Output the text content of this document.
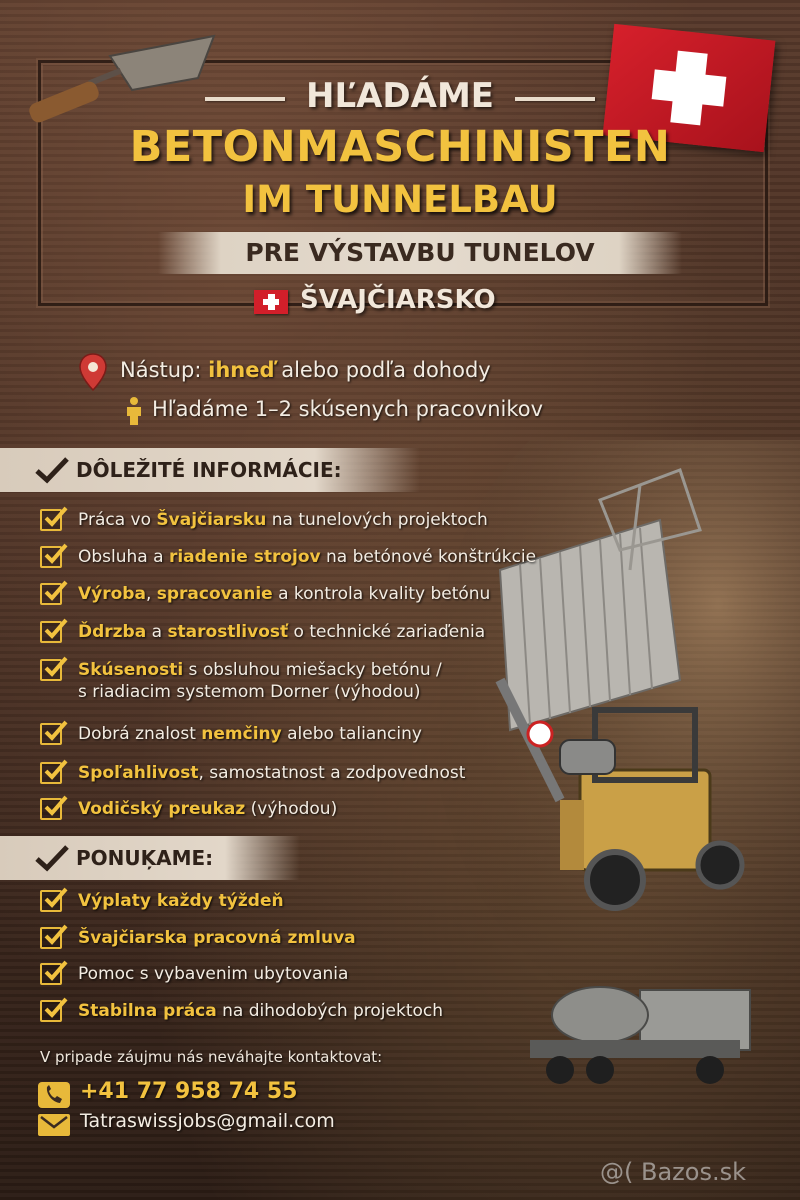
HĽADÁME
BETONMASCHINISTEN
IM TUNNELBAU
PRE VÝSTAVBU TUNELOV
ŠVAJČIARSKO
Nástup: ihneď alebo podľa dohody
Hľadáme 1–2 skúsenych pracovnikov
DÔLEŽITÉ INFORMÁCIE:
Práca vo Švajčiarsku na tunelových projektoch
Obsluha a riadenie strojov na betónové konštrúkcie
Výroba, spracovanie a kontrola kvality betónu
Ďdrzba a starostlivosť o technické zariaďenia
Skúsenosti s obsluhou miešacky betónu /
s riadiacim systemom Dorner (výhodou)
Dobrá znalost nemčiny alebo talianciny
Spoľahlivost, samostatnost a zodpovednost
Vodičský preukaz (výhodou)
PONUĶAME:
Výplaty každy týždeň
Švajčiarska pracovná zmluva
Pomoc s vybavenim ubytovania
Stabilna práca na dihodobých projektoch
V pripade záujmu nás neváhajte kontaktovat:
+41 77 958 74 55
Tatraswissjobs@gmail.com
@( Bazos.sk
